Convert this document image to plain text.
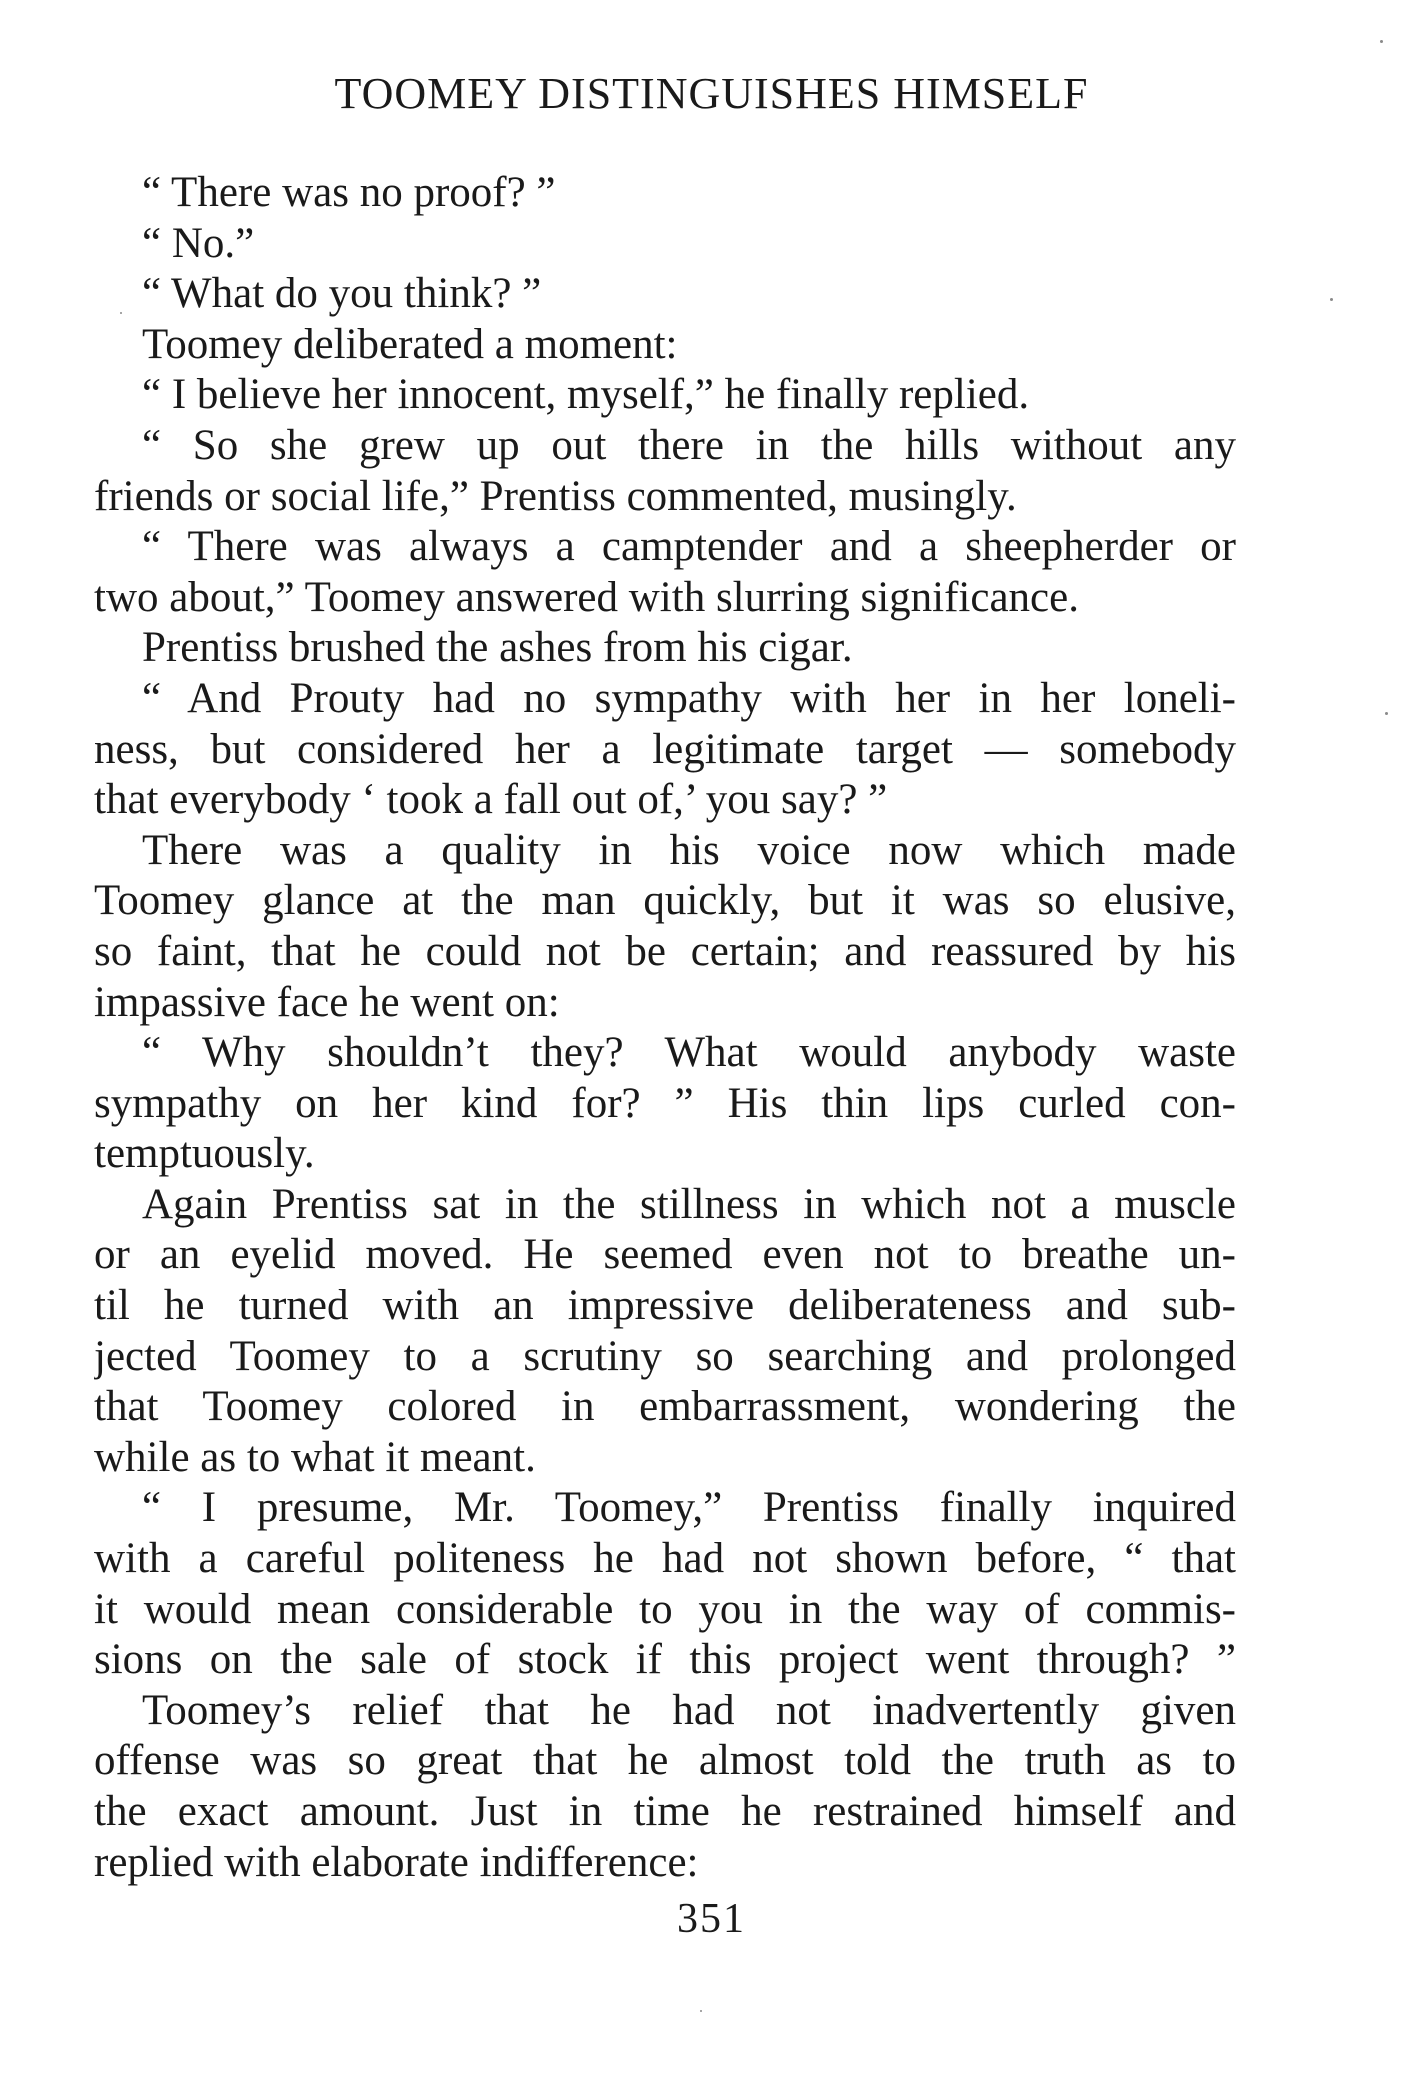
TOOMEY DISTINGUISHES HIMSELF
“ There was no proof? ”
“ No.”
“ What do you think? ”
Toomey deliberated a moment:
“ I believe her innocent, myself,” he finally replied.
“ So she grew up out there in the hills without any
friends or social life,” Prentiss commented, musingly.
“ There was always a camptender and a sheepherder or
two about,” Toomey answered with slurring significance.
Prentiss brushed the ashes from his cigar.
“ And Prouty had no sympathy with her in her loneli-
ness, but considered her a legitimate target — somebody
that everybody ‘ took a fall out of,’ you say? ”
There was a quality in his voice now which made
Toomey glance at the man quickly, but it was so elusive,
so faint, that he could not be certain; and reassured by his
impassive face he went on:
“ Why shouldn’t they? What would anybody waste
sympathy on her kind for? ” His thin lips curled con-
temptuously.
Again Prentiss sat in the stillness in which not a muscle
or an eyelid moved. He seemed even not to breathe un-
til he turned with an impressive deliberateness and sub-
jected Toomey to a scrutiny so searching and prolonged
that Toomey colored in embarrassment, wondering the
while as to what it meant.
“ I presume, Mr. Toomey,” Prentiss finally inquired
with a careful politeness he had not shown before, “ that
it would mean considerable to you in the way of commis-
sions on the sale of stock if this project went through? ”
Toomey’s relief that he had not inadvertently given
offense was so great that he almost told the truth as to
the exact amount. Just in time he restrained himself and
replied with elaborate indifference:
351
